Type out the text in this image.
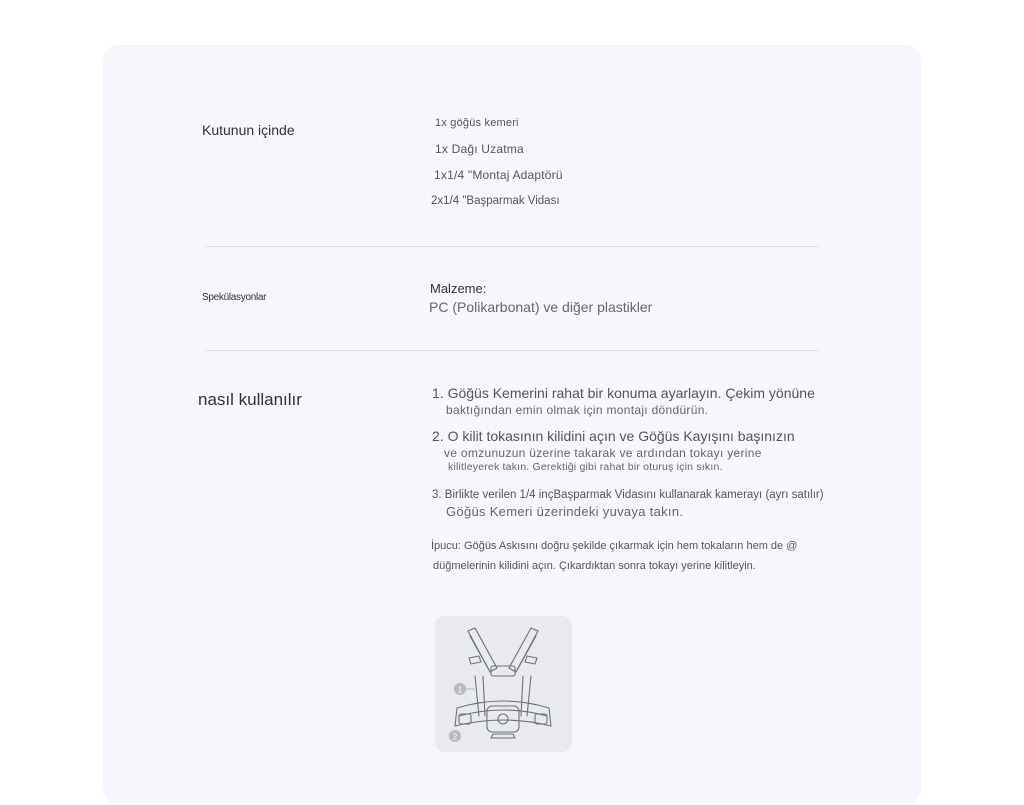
Kutunun içinde	1x göğüs kemeri
1x Dağı Uzatma
1x1/4 "Montaj Adaptörü
2x1/4 "Başparmak Vidası
Spekülasyonlar
Malzeme:
PC (Polikarbonat) ve diğer plastikler
nasıl kullanılır	1. Göğüs Kemerini rahat bir konuma ayarlayın. Çekim yönüne
baktığından emin olmak için montajı döndürün.
2. O kilit tokasının kilidini açın ve Göğüs Kayışını başınızın
ve omzunuzun üzerine takarak ve ardından tokayı yerine
kilitleyerek takın. Gerektiği gibi rahat bir oturuş için sıkın.
3. Birlikte verilen 1/4 inçBaşparmak Vidasını kullanarak kamerayı (ayrı satılır)
Göğüs Kemeri üzerindeki yuvaya takın.
İpucu: Göğüs Askısını doğru şekilde çıkarmak için hem tokaların hem de @
düğmelerinin kilidini açın. Çıkardıktan sonra tokayı yerine kilitleyin.
1
2
